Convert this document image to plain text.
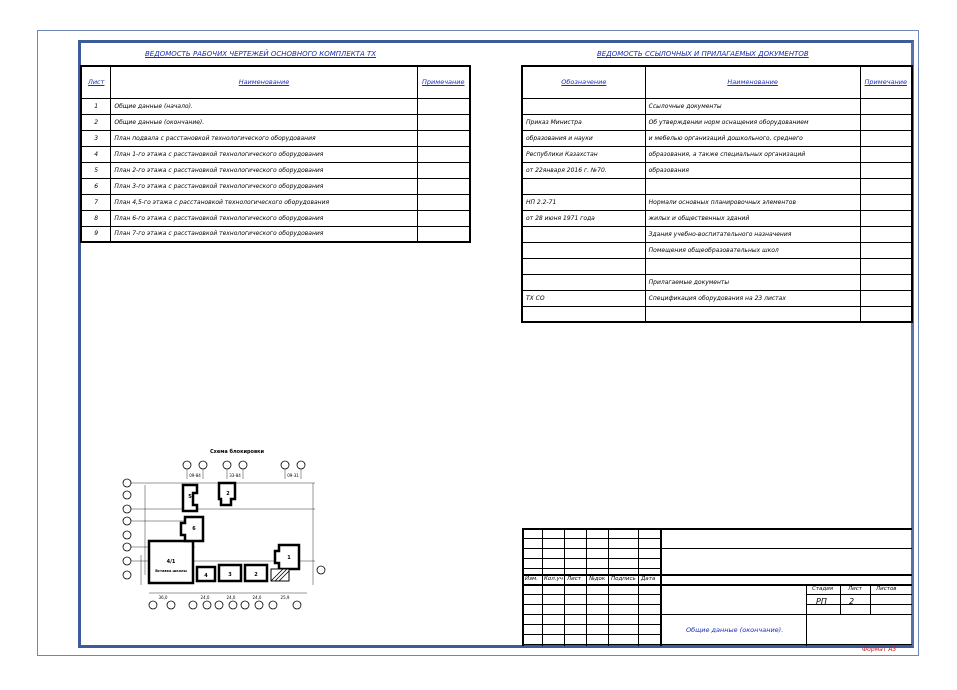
ВЕДОМОСТЬ РАБОЧИХ ЧЕРТЕЖЕЙ ОСНОВНОГО КОМПЛЕКТА ТХ
Лист	Наименование	Примечание
1	Общие данные (начало).	
2	Общие данные (окончание).	
3	План подвала с расстановкой технологического оборудования	
4	План 1-го этажа с расстановкой технологического оборудования	
5	План 2-го этажа с расстановкой технологического оборудования	
6	План 3-го этажа с расстановкой технологического оборудования	
7	План 4,5-го этажа с расстановкой технологического оборудования	
8	План 6-го этажа с расстановкой технологического оборудования	
9	План 7-го этажа с расстановкой технологического оборудования	
ВЕДОМОСТЬ ССЫЛОЧНЫХ И ПРИЛАГАЕМЫХ ДОКУМЕНТОВ
Обозначение	Наименование	Примечание
	Ссылочные документы	
Приказ Министра	Об утверждении норм оснащения оборудованием	
образования и науки	и мебелью организаций дошкольного, среднего	
Республики Казахстан	образования, а также специальных организаций	
от 22января 2016 г. №70.	образования	

НП 2.2-71	Нормали основных планировочных элементов	
от 28 июня 1971 года	жилых и общественных зданий	
	Здания учебно-воспитательного назначения	
	Помещения общеобразовательных школ	

	Прилагаемые документы	
ТХ СО	Спецификация оборудования на 23 листах	

Схема блокировки
4/1
4	3	2
1
5
6
2
Вставка школы
36,0	24,0	24,0	24,0	25,9
09-84	33-84	09-31
Изм. Кол.уч Лист №док Подпись Дата
Стадия	Лист	Листов
РП	2
Общие данные (окончание).
Формат А3
